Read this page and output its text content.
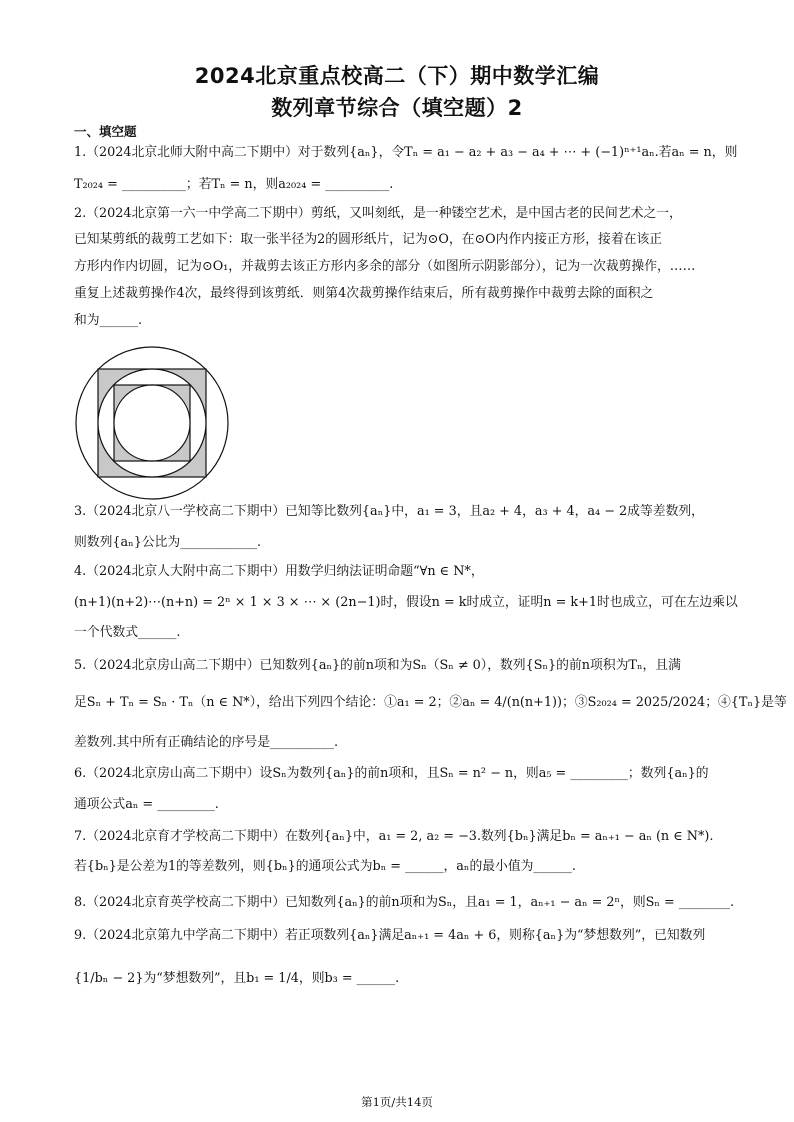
2024北京重点校高二（下）期中数学汇编
数列章节综合（填空题）2
一、填空题
1.（2024北京北师大附中高二下期中）对于数列{aₙ}，令Tₙ = a₁ − a₂ + a₃ − a₄ + ⋯ + (−1)ⁿ⁺¹aₙ.若aₙ = n，则
T₂₀₂₄ = __________；若Tₙ = n，则a₂₀₂₄ = __________.
2.（2024北京第一六一中学高二下期中）剪纸，又叫刻纸，是一种镂空艺术，是中国古老的民间艺术之一，
已知某剪纸的裁剪工艺如下：取一张半径为2的圆形纸片，记为⊙O，在⊙O内作内接正方形，接着在该正
方形内作内切圆，记为⊙O₁，并裁剪去该正方形内多余的部分（如图所示阴影部分），记为一次裁剪操作，……
重复上述裁剪操作4次，最终得到该剪纸．则第4次裁剪操作结束后，所有裁剪操作中裁剪去除的面积之
和为______.
3.（2024北京八一学校高二下期中）已知等比数列{aₙ}中，a₁ = 3，且a₂ + 4，a₃ + 4，a₄ − 2成等差数列，
则数列{aₙ}公比为____________.
4.（2024北京人大附中高二下期中）用数学归纳法证明命题“∀n ∈ N*，
(n+1)(n+2)⋯(n+n) = 2ⁿ × 1 × 3 × ⋯ × (2n−1)时，假设n = k时成立，证明n = k+1时也成立，可在左边乘以
一个代数式______.
5.（2024北京房山高二下期中）已知数列{aₙ}的前n项和为Sₙ（Sₙ ≠ 0），数列{Sₙ}的前n项积为Tₙ，且满
足Sₙ + Tₙ = Sₙ · Tₙ（n ∈ N*），给出下列四个结论：①a₁ = 2；②aₙ = 4/(n(n+1))；③S₂₀₂₄ = 2025/2024；④{Tₙ}是等
差数列.其中所有正确结论的序号是__________.
6.（2024北京房山高二下期中）设Sₙ为数列{aₙ}的前n项和，且Sₙ = n² − n，则a₅ = _________；数列{aₙ}的
通项公式aₙ = _________.
7.（2024北京育才学校高二下期中）在数列{aₙ}中，a₁ = 2, a₂ = −3.数列{bₙ}满足bₙ = aₙ₊₁ − aₙ (n ∈ N*).
若{bₙ}是公差为1的等差数列，则{bₙ}的通项公式为bₙ = ______，aₙ的最小值为______.
8.（2024北京育英学校高二下期中）已知数列{aₙ}的前n项和为Sₙ，且a₁ = 1，aₙ₊₁ − aₙ = 2ⁿ，则Sₙ = ________.
9.（2024北京第九中学高二下期中）若正项数列{aₙ}满足aₙ₊₁ = 4aₙ + 6，则称{aₙ}为“梦想数列”，已知数列
{1/bₙ − 2}为“梦想数列”，且b₁ = 1/4，则b₃ = ______.
第1页/共14页
